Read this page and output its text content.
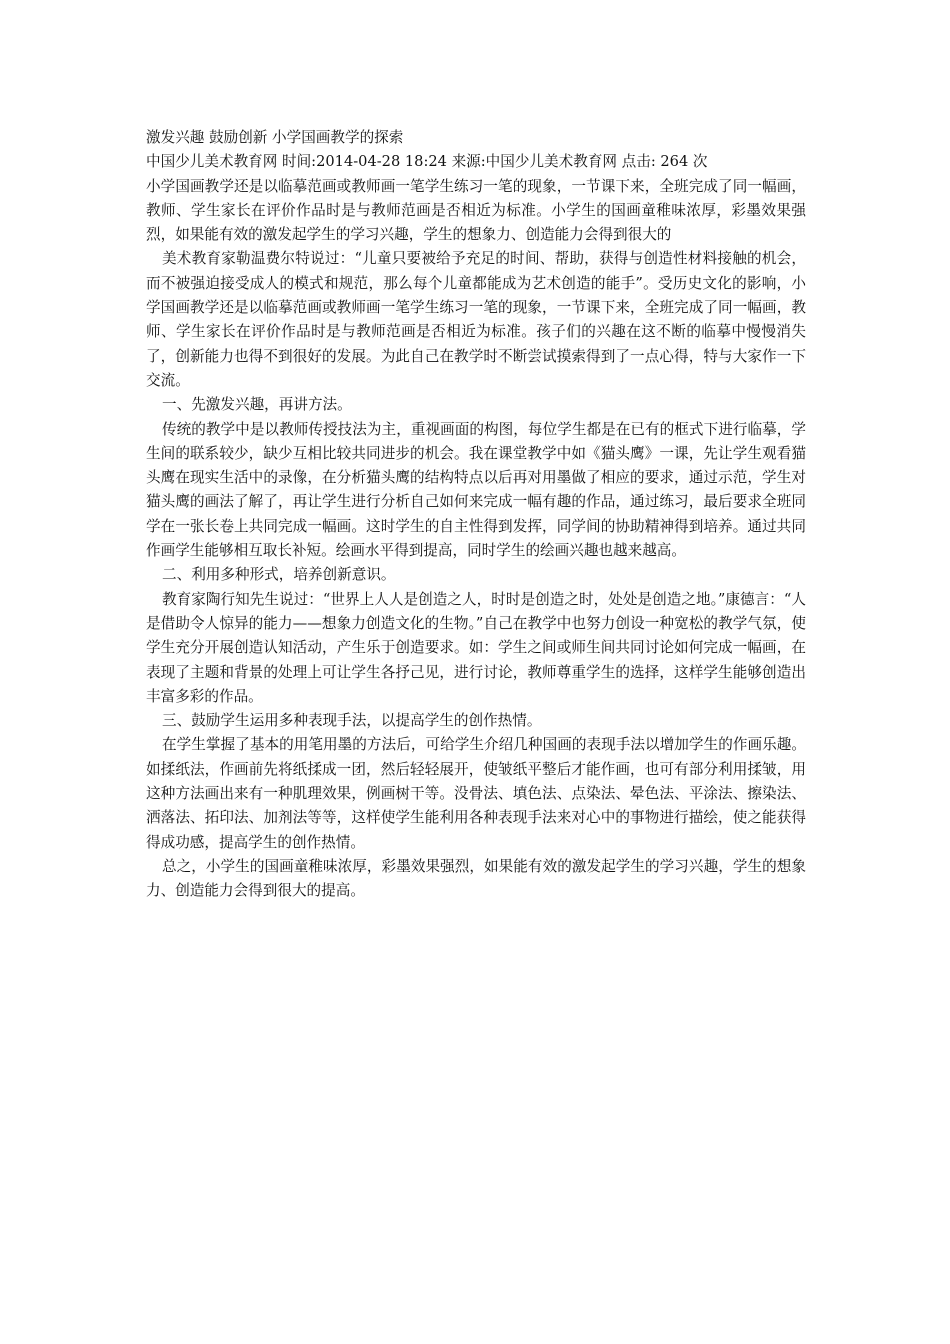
激发兴趣 鼓励创新 小学国画教学的探索

中国少儿美术教育网 时间:2014-04-28 18:24 来源:中国少儿美术教育网 点击: 264 次

小学国画教学还是以临摹范画或教师画一笔学生练习一笔的现象，一节课下来，全班完成了同一幅画，教师、学生家长在评价作品时是与教师范画是否相近为标准。小学生的国画童稚味浓厚，彩墨效果强烈，如果能有效的激发起学生的学习兴趣，学生的想象力、创造能力会得到很大的

美术教育家勒温费尔特说过：“儿童只要被给予充足的时间、帮助，获得与创造性材料接触的机会，而不被强迫接受成人的模式和规范，那么每个儿童都能成为艺术创造的能手”。受历史文化的影响，小学国画教学还是以临摹范画或教师画一笔学生练习一笔的现象，一节课下来，全班完成了同一幅画，教师、学生家长在评价作品时是与教师范画是否相近为标准。孩子们的兴趣在这不断的临摹中慢慢消失了，创新能力也得不到很好的发展。为此自己在教学时不断尝试摸索得到了一点心得，特与大家作一下交流。

一、先激发兴趣，再讲方法。

传统的教学中是以教师传授技法为主，重视画面的构图，每位学生都是在已有的框式下进行临摹，学生间的联系较少，缺少互相比较共同进步的机会。我在课堂教学中如《猫头鹰》一课，先让学生观看猫头鹰在现实生活中的录像，在分析猫头鹰的结构特点以后再对用墨做了相应的要求，通过示范，学生对猫头鹰的画法了解了，再让学生进行分析自己如何来完成一幅有趣的作品，通过练习，最后要求全班同学在一张长卷上共同完成一幅画。这时学生的自主性得到发挥，同学间的协助精神得到培养。通过共同作画学生能够相互取长补短。绘画水平得到提高，同时学生的绘画兴趣也越来越高。

二、利用多种形式，培养创新意识。

教育家陶行知先生说过：“世界上人人是创造之人，时时是创造之时，处处是创造之地。”康德言：“人是借助令人惊异的能力——想象力创造文化的生物。”自己在教学中也努力创设一种宽松的教学气氛，使学生充分开展创造认知活动，产生乐于创造要求。如：学生之间或师生间共同讨论如何完成一幅画，在表现了主题和背景的处理上可让学生各抒己见，进行讨论，教师尊重学生的选择，这样学生能够创造出丰富多彩的作品。

三、鼓励学生运用多种表现手法，以提高学生的创作热情。

在学生掌握了基本的用笔用墨的方法后，可给学生介绍几种国画的表现手法以增加学生的作画乐趣。如揉纸法，作画前先将纸揉成一团，然后轻轻展开，使皱纸平整后才能作画，也可有部分利用揉皱，用这种方法画出来有一种肌理效果，例画树干等。没骨法、填色法、点染法、晕色法、平涂法、擦染法、洒落法、拓印法、加剂法等等，这样使学生能利用各种表现手法来对心中的事物进行描绘，使之能获得得成功感，提高学生的创作热情。

总之，小学生的国画童稚味浓厚，彩墨效果强烈，如果能有效的激发起学生的学习兴趣，学生的想象力、创造能力会得到很大的提高。
